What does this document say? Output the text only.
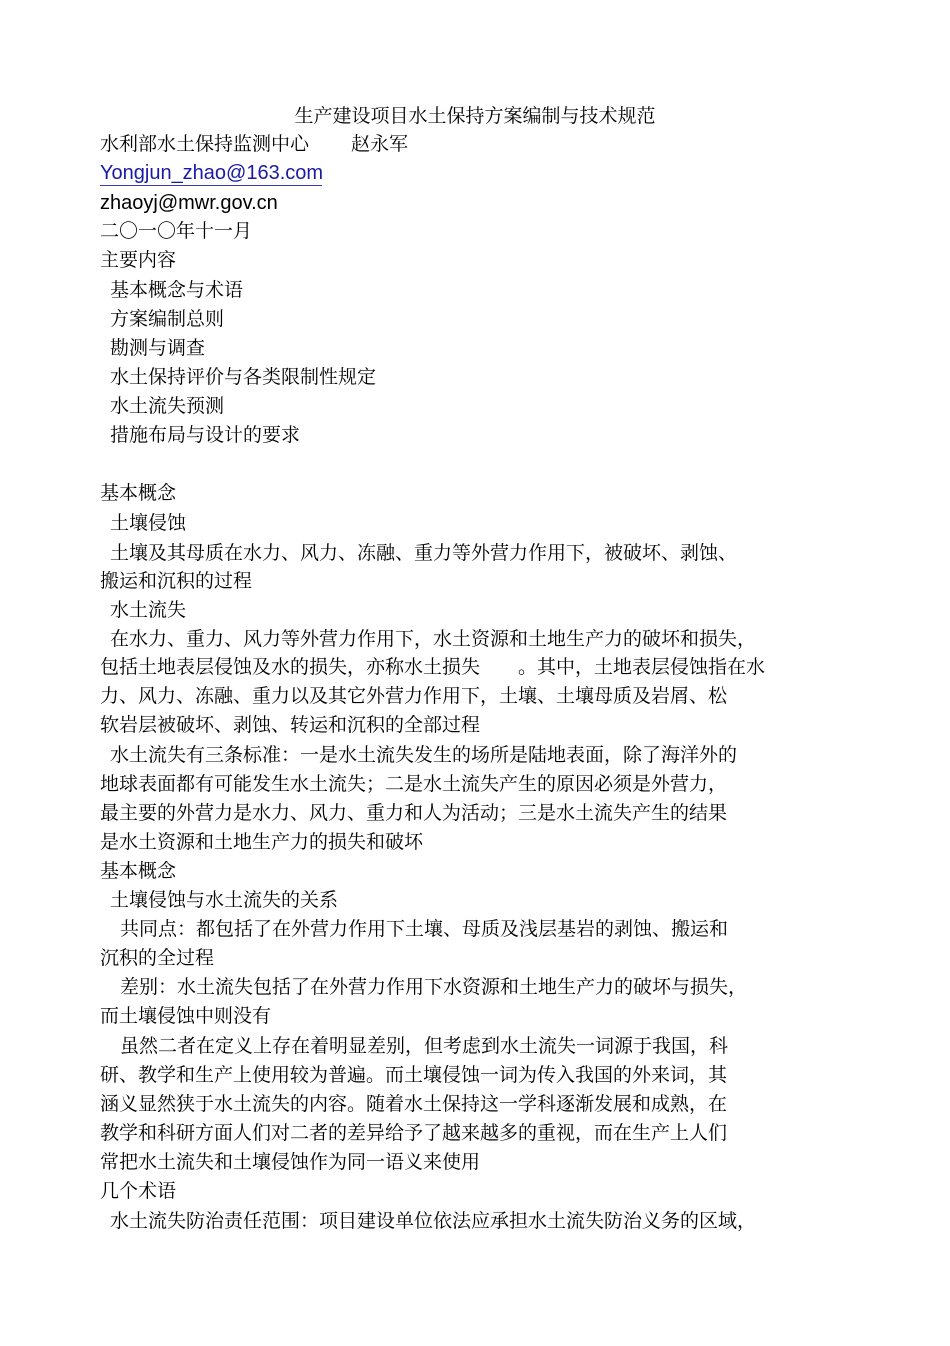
生产建设项目水土保持方案编制与技术规范
水利部水土保持监测中心 赵永军
Yongjun_zhao@163.com
zhaoyj@mwr.gov.cn
二〇一〇年十一月
主要内容
基本概念与术语
方案编制总则
勘测与调查
水土保持评价与各类限制性规定
水土流失预测
措施布局与设计的要求
基本概念
土壤侵蚀
土壤及其母质在水力、风力、冻融、重力等外营力作用下，被破坏、剥蚀、
搬运和沉积的过程
水土流失
在水力、重力、风力等外营力作用下，水土资源和土地生产力的破坏和损失，
包括土地表层侵蚀及水的损失，亦称水土损失　　。其中，土地表层侵蚀指在水
力、风力、冻融、重力以及其它外营力作用下，土壤、土壤母质及岩屑、松
软岩层被破坏、剥蚀、转运和沉积的全部过程
水土流失有三条标准：一是水土流失发生的场所是陆地表面，除了海洋外的
地球表面都有可能发生水土流失；二是水土流失产生的原因必须是外营力，
最主要的外营力是水力、风力、重力和人为活动；三是水土流失产生的结果
是水土资源和土地生产力的损失和破坏
基本概念
土壤侵蚀与水土流失的关系
共同点：都包括了在外营力作用下土壤、母质及浅层基岩的剥蚀、搬运和
沉积的全过程
差别：水土流失包括了在外营力作用下水资源和土地生产力的破坏与损失，
而土壤侵蚀中则没有
虽然二者在定义上存在着明显差别，但考虑到水土流失一词源于我国，科
研、教学和生产上使用较为普遍。而土壤侵蚀一词为传入我国的外来词，其
涵义显然狭于水土流失的内容。随着水土保持这一学科逐渐发展和成熟，在
教学和科研方面人们对二者的差异给予了越来越多的重视，而在生产上人们
常把水土流失和土壤侵蚀作为同一语义来使用
几个术语
水土流失防治责任范围：项目建设单位依法应承担水土流失防治义务的区域，
